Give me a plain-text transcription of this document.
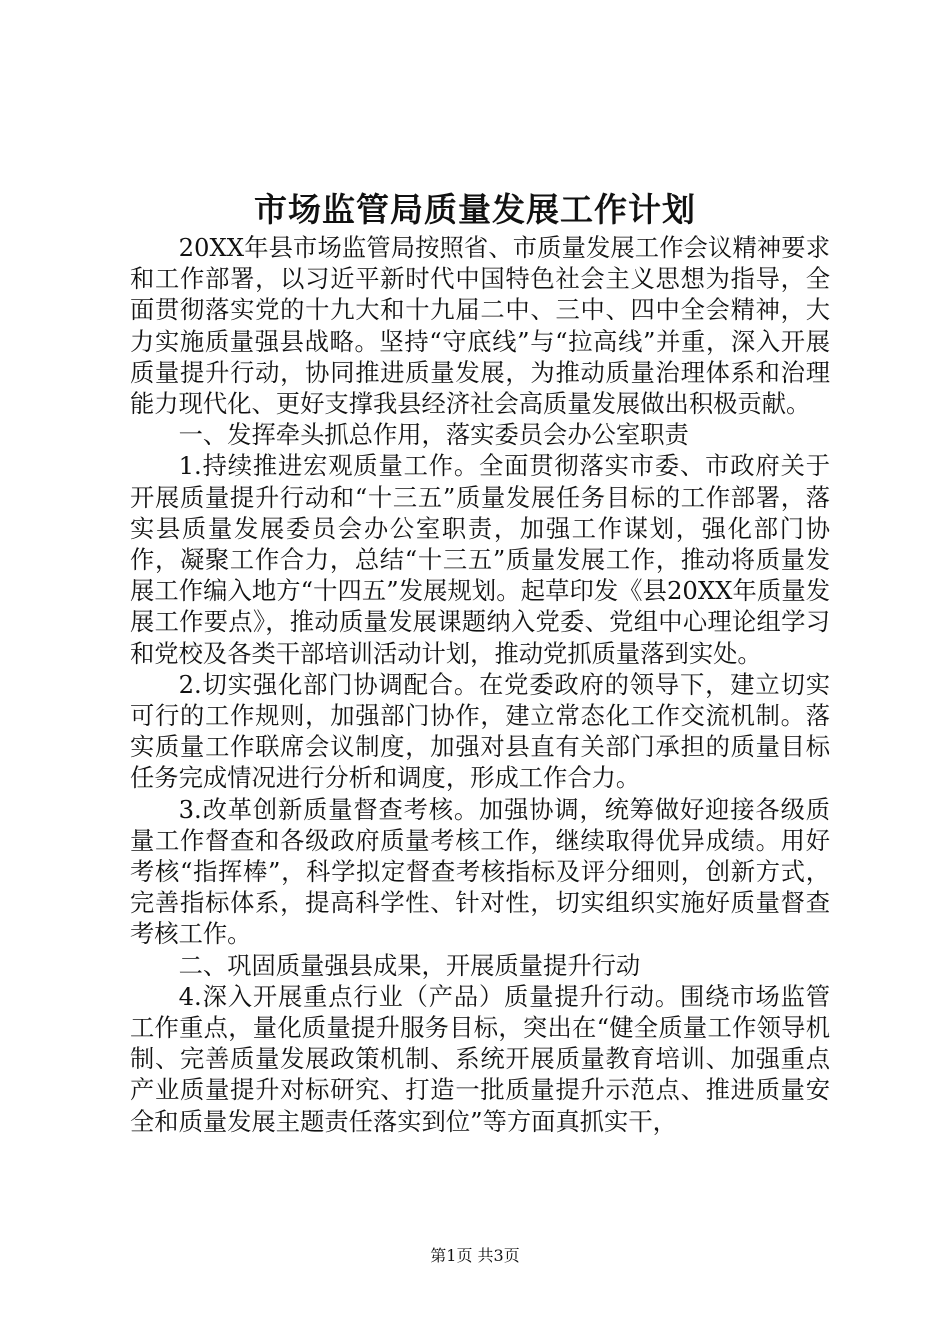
市场监管局质量发展工作计划

20XX年县市场监管局按照省、市质量发展工作会议精神要求和工作部署，以习近平新时代中国特色社会主义思想为指导，全面贯彻落实党的十九大和十九届二中、三中、四中全会精神，大力实施质量强县战略。坚持“守底线”与“拉高线”并重，深入开展质量提升行动，协同推进质量发展，为推动质量治理体系和治理能力现代化、更好支撑我县经济社会高质量发展做出积极贡献。

一、发挥牵头抓总作用，落实委员会办公室职责

1.持续推进宏观质量工作。全面贯彻落实市委、市政府关于开展质量提升行动和“十三五”质量发展任务目标的工作部署，落实县质量发展委员会办公室职责，加强工作谋划，强化部门协作，凝聚工作合力，总结“十三五”质量发展工作，推动将质量发展工作编入地方“十四五”发展规划。起草印发《县20XX年质量发展工作要点》，推动质量发展课题纳入党委、党组中心理论组学习和党校及各类干部培训活动计划，推动党抓质量落到实处。

2.切实强化部门协调配合。在党委政府的领导下，建立切实可行的工作规则，加强部门协作，建立常态化工作交流机制。落实质量工作联席会议制度，加强对县直有关部门承担的质量目标任务完成情况进行分析和调度，形成工作合力。

3.改革创新质量督查考核。加强协调，统筹做好迎接各级质量工作督查和各级政府质量考核工作，继续取得优异成绩。用好考核“指挥棒”，科学拟定督查考核指标及评分细则，创新方式，完善指标体系，提高科学性、针对性，切实组织实施好质量督查考核工作。

二、巩固质量强县成果，开展质量提升行动

4.深入开展重点行业（产品）质量提升行动。围绕市场监管工作重点，量化质量提升服务目标，突出在“健全质量工作领导机制、完善质量发展政策机制、系统开展质量教育培训、加强重点产业质量提升对标研究、打造一批质量提升示范点、推进质量安全和质量发展主题责任落实到位”等方面真抓实干，

第1页 共3页
